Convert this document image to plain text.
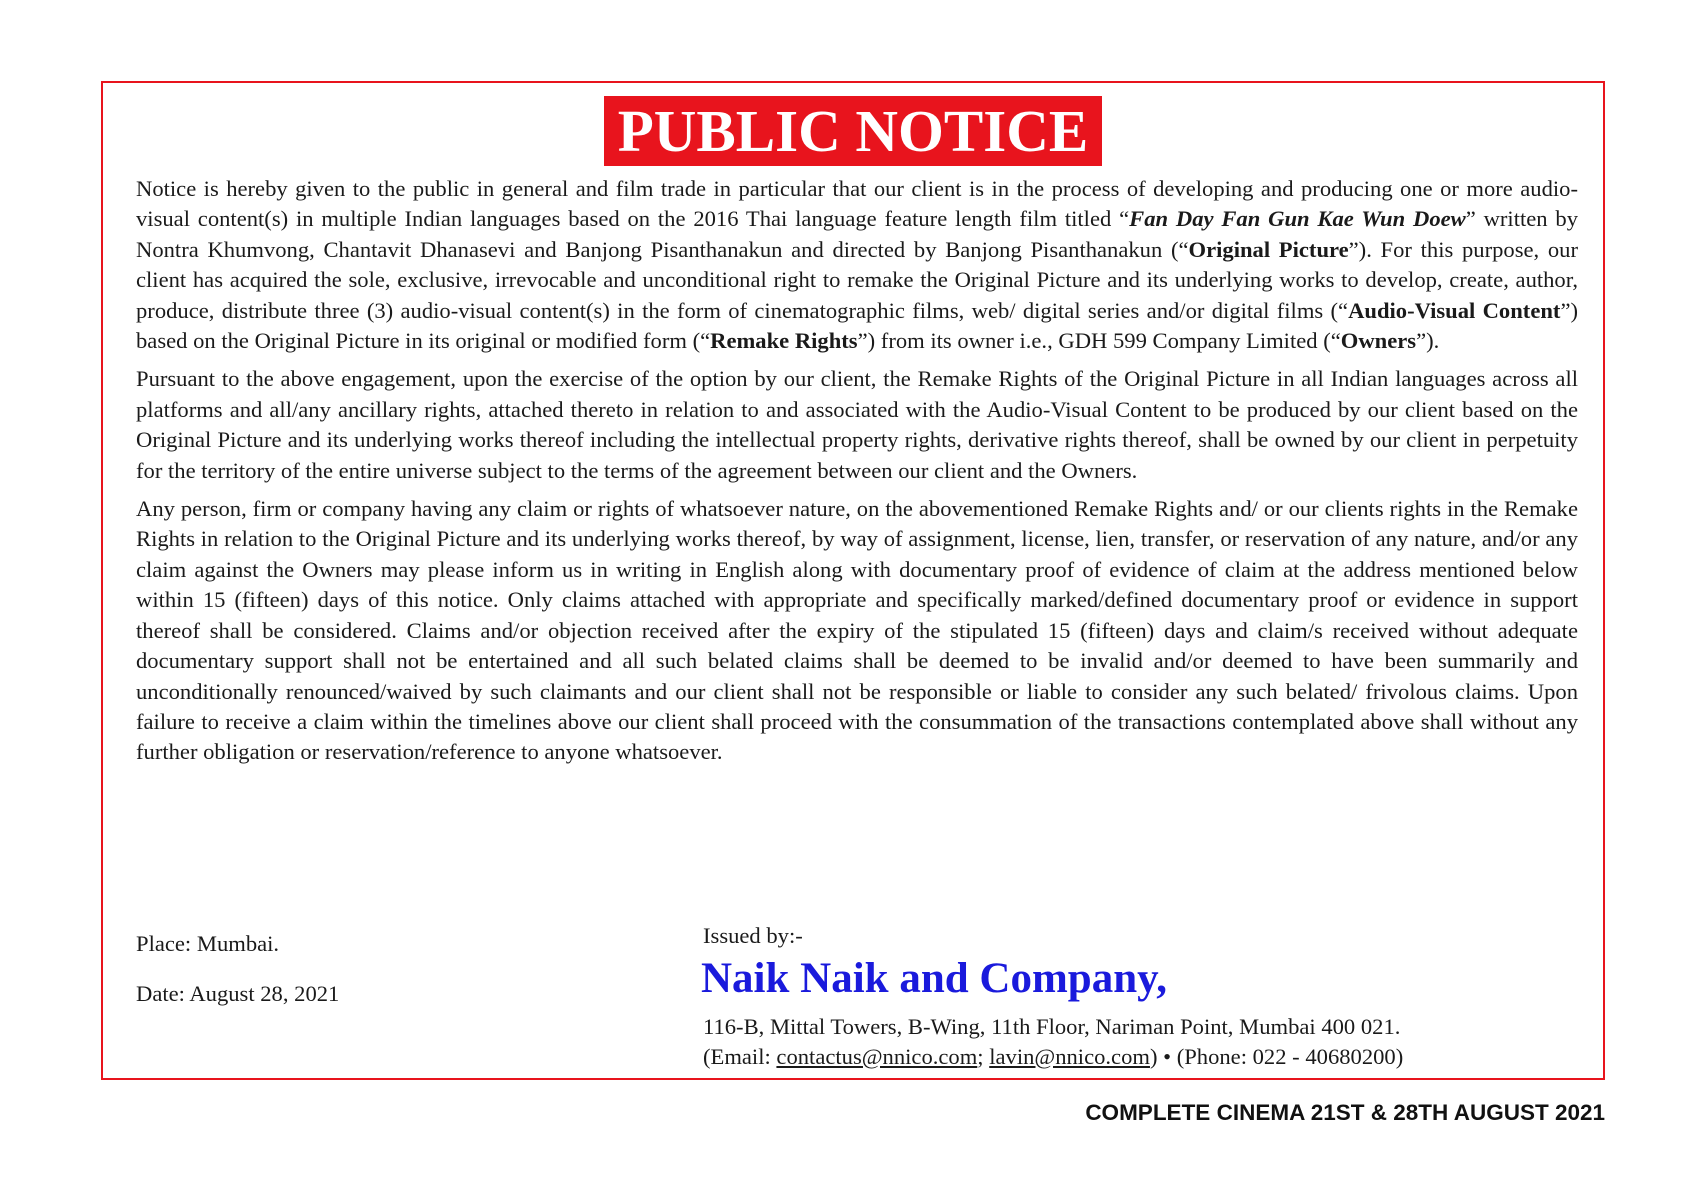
PUBLIC NOTICE

Notice is hereby given to the public in general and film trade in particular that our client is in the process of developing and producing one or more audio-visual content(s) in multiple Indian languages based on the 2016 Thai language feature length film titled “Fan Day Fan Gun Kae Wun Doew” written by Nontra Khumvong, Chantavit Dhanasevi and Banjong Pisanthanakun and directed by Banjong Pisanthanakun (“Original Picture”). For this purpose, our client has acquired the sole, exclusive, irrevocable and unconditional right to remake the Original Picture and its underlying works to develop, create, author, produce, distribute three (3) audio-visual content(s) in the form of cinematographic films, web/ digital series and/or digital films (“Audio-Visual Content”) based on the Original Picture in its original or modified form (“Remake Rights”) from its owner i.e., GDH 599 Company Limited (“Owners”).

Pursuant to the above engagement, upon the exercise of the option by our client, the Remake Rights of the Original Picture in all Indian languages across all platforms and all/any ancillary rights, attached thereto in relation to and associated with the Audio-Visual Content to be produced by our client based on the Original Picture and its underlying works thereof including the intellectual property rights, derivative rights thereof, shall be owned by our client in perpetuity for the territory of the entire universe subject to the terms of the agreement between our client and the Owners.

Any person, firm or company having any claim or rights of whatsoever nature, on the abovementioned Remake Rights and/ or our clients rights in the Remake Rights in relation to the Original Picture and its underlying works thereof, by way of assignment, license, lien, transfer, or reservation of any nature, and/or any claim against the Owners may please inform us in writing in English along with documentary proof of evidence of claim at the address mentioned below within 15 (fifteen) days of this notice. Only claims attached with appropriate and specifically marked/defined documentary proof or evidence in support thereof shall be considered. Claims and/or objection received after the expiry of the stipulated 15 (fifteen) days and claim/s received without adequate documentary support shall not be entertained and all such belated claims shall be deemed to be invalid and/or deemed to have been summarily and unconditionally renounced/waived by such claimants and our client shall not be responsible or liable to consider any such belated/ frivolous claims. Upon failure to receive a claim within the timelines above our client shall proceed with the consummation of the transactions contemplated above shall without any further obligation or reservation/reference to anyone whatsoever.

Place: Mumbai.
Date: August 28, 2021
Issued by:-
Naik Naik and Company,
116-B, Mittal Towers, B-Wing, 11th Floor, Nariman Point, Mumbai 400 021.
(Email: contactus@nnico.com; lavin@nnico.com) • (Phone: 022 - 40680200)
COMPLETE CINEMA 21ST & 28TH AUGUST 2021
